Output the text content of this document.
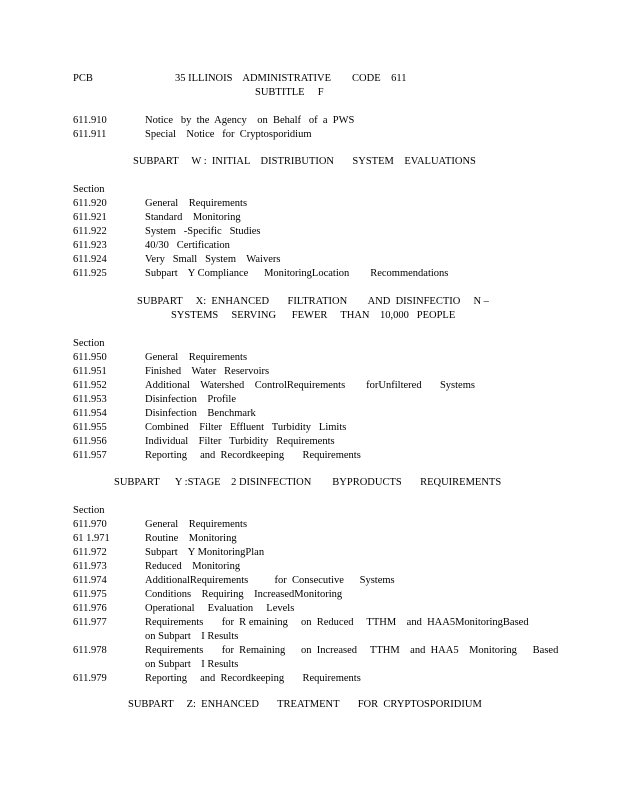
PCB	35 ILLINOIS    ADMINISTRATIVE        CODE    611
SUBTITLE     F
611.910	Notice   by  the  Agency    on  Behalf   of  a  PWS
611.911	Special    Notice   for  Cryptosporidium
SUBPART     W :  INITIAL    DISTRIBUTION       SYSTEM    EVALUATIONS
Section
611.920	General    Requirements
611.921	Standard    Monitoring
611.922	System   -Specific   Studies
611.923	40/30   Certification
611.924	Very   Small   System    Waivers
611.925	Subpart    Y Compliance      MonitoringLocation        Recommendations
SUBPART     X:  ENHANCED       FILTRATION        AND  DISINFECTIO     N –
SYSTEMS     SERVING      FEWER     THAN    10,000   PEOPLE
Section
611.950	General    Requirements
611.951	Finished    Water   Reservoirs
611.952	Additional    Watershed    ControlRequirements        forUnfiltered       Systems
611.953	Disinfection    Profile
611.954	Disinfection    Benchmark
611.955	Combined    Filter   Effluent   Turbidity   Limits
611.956	Individual    Filter   Turbidity   Requirements
611.957	Reporting     and  Recordkeeping       Requirements
SUBPART      Y :STAGE    2 DISINFECTION        BYPRODUCTS       REQUIREMENTS
Section
611.970	General    Requirements
61 1.971	Routine    Monitoring
611.972	Subpart    Y MonitoringPlan
611.973	Reduced    Monitoring
611.974	AdditionalRequirements          for  Consecutive      Systems
611.975	Conditions    Requiring    IncreasedMonitoring
611.976	Operational     Evaluation     Levels
611.977	Requirements       for  R emaining     on  Reduced     TTHM    and  HAA5MonitoringBased
on Subpart    I Results
611.978	Requirements       for  Remaining      on  Increased     TTHM    and  HAA5    Monitoring      Based
on Subpart    I Results
611.979	Reporting     and  Recordkeeping       Requirements
SUBPART     Z:  ENHANCED       TREATMENT       FOR  CRYPTOSPORIDIUM
